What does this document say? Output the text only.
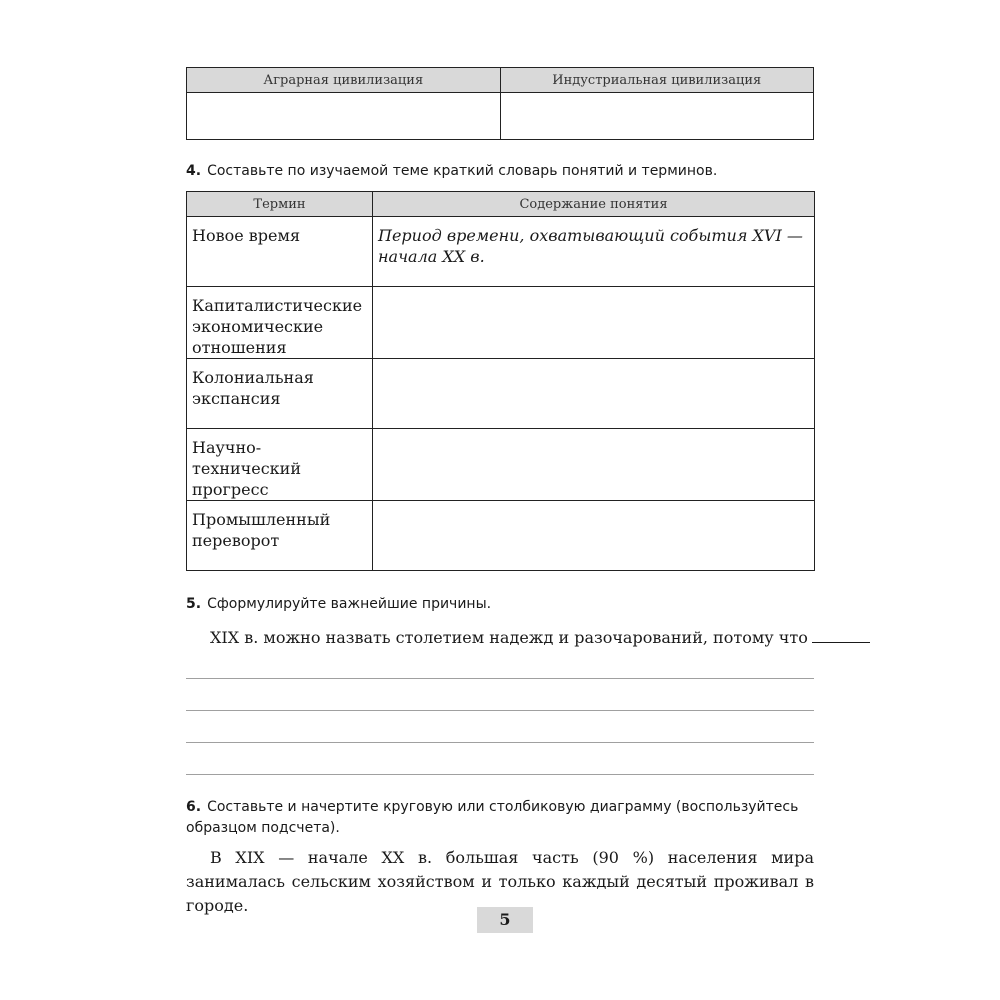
Аграрная цивилизация	Индустриальная цивилизация

4. Составьте по изучаемой теме краткий словарь понятий и терминов.
Термин	Содержание понятия
Новое время	Период времени, охватывающий события XVI — начала XX в.
Капиталистические экономические отношения	
Колониальная экспансия	
Научно-технический прогресс	
Промышленный переворот	
5. Сформулируйте важнейшие причины.
XIX в. можно назвать столетием надежд и разочарований, потому что
6. Составьте и начертите круговую или столбиковую диаграмму (воспользуйтесь образцом подсчета).
В XIX — начале XX в. большая часть (90 %) населения мира занималась сельским хозяйством и только каждый десятый проживал в городе.
5
